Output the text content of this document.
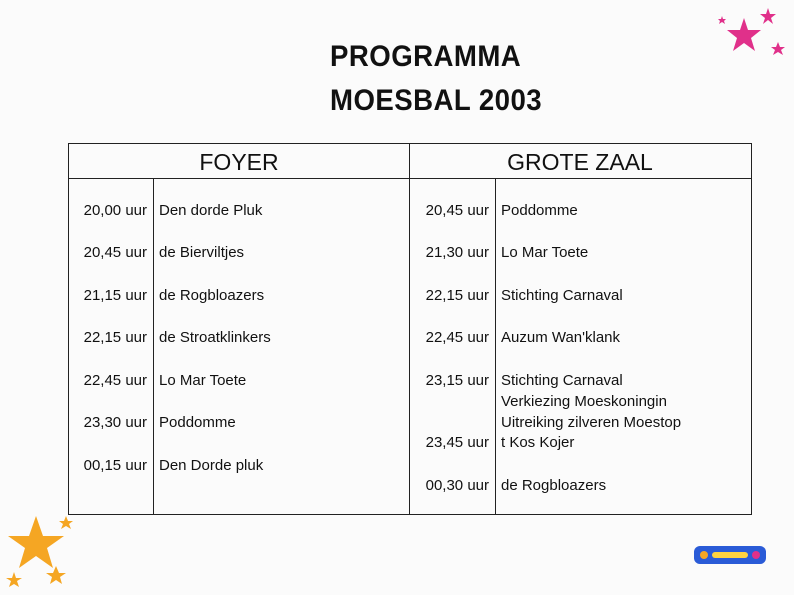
PROGRAMMA
MOESBAL 2003
FOYER	GROTE ZAAL
20,00 uur Den dorde Pluk
20,45 uur de Bierviltjes
21,15 uur de Rogbloazers
22,15 uur de Stroatklinkers
22,45 uur Lo Mar Toete
23,30 uur Poddomme
00,15 uur Den Dorde pluk
20,45 uur Poddomme
21,30 uur Lo Mar Toete
22,15 uur Stichting Carnaval
22,45 uur Auzum Wan'klank
23,15 uur Stichting Carnaval
Verkiezing Moeskoningin
Uitreiking zilveren Moestop
23,45 uur t Kos Kojer
00,30 uur de Rogbloazers
